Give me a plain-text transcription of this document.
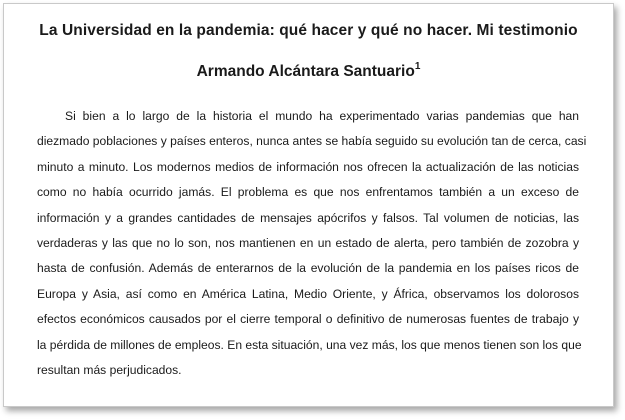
La Universidad en la pandemia: qué hacer y qué no hacer. Mi testimonio
Armando Alcántara Santuario$^1$
Si bien a lo largo de la historia el mundo ha experimentado varias pandemias que han
diezmado poblaciones y países enteros, nunca antes se había seguido su evolución tan de cerca, casi
minuto a minuto. Los modernos medios de información nos ofrecen la actualización de las noticias
como no había ocurrido jamás. El problema es que nos enfrentamos también a un exceso de
información y a grandes cantidades de mensajes apócrifos y falsos. Tal volumen de noticias, las
verdaderas y las que no lo son, nos mantienen en un estado de alerta, pero también de zozobra y
hasta de confusión. Además de enterarnos de la evolución de la pandemia en los países ricos de
Europa y Asia, así como en América Latina, Medio Oriente, y África, observamos los dolorosos
efectos económicos causados por el cierre temporal o definitivo de numerosas fuentes de trabajo y
la pérdida de millones de empleos. En esta situación, una vez más, los que menos tienen son los que
resultan más perjudicados.
